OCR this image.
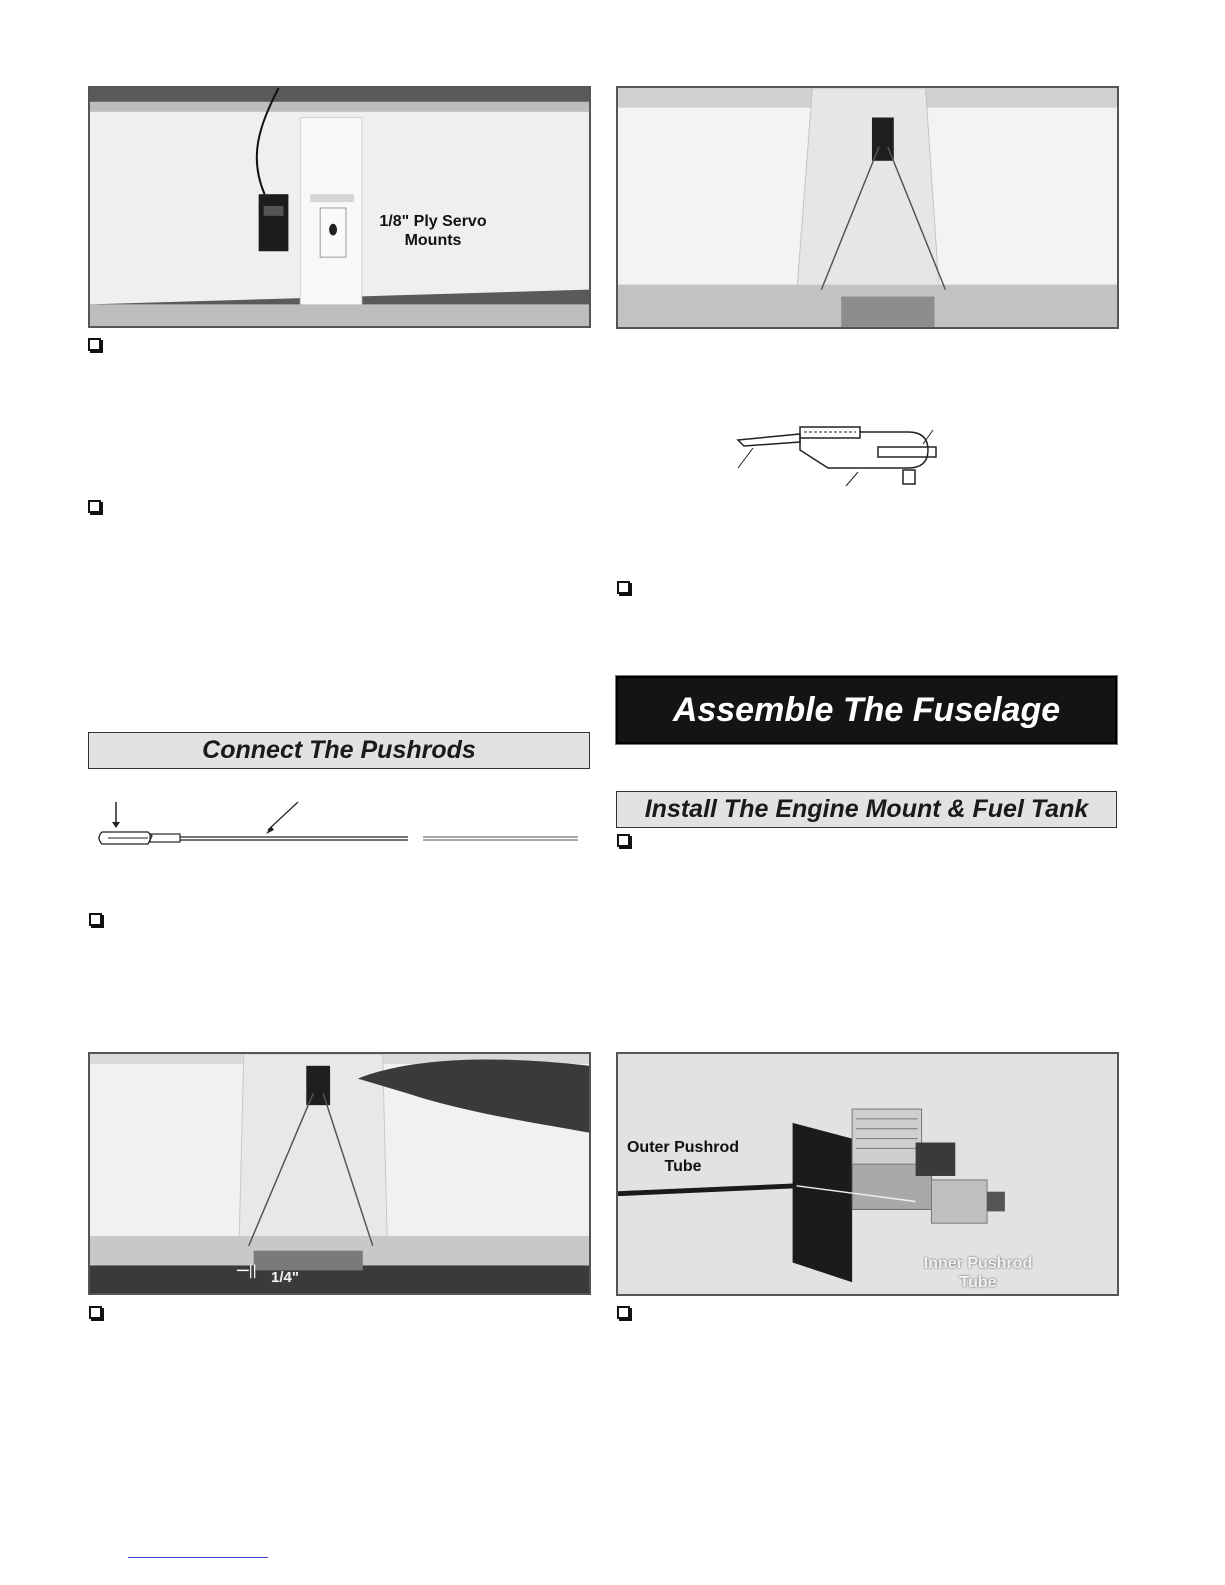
1/8" Ply Servo
Mounts
Assemble The Fuselage
Connect The Pushrods
Install The Engine Mount & Fuel Tank
1/4"
Outer Pushrod
Tube
Inner Pushrod
Tube
